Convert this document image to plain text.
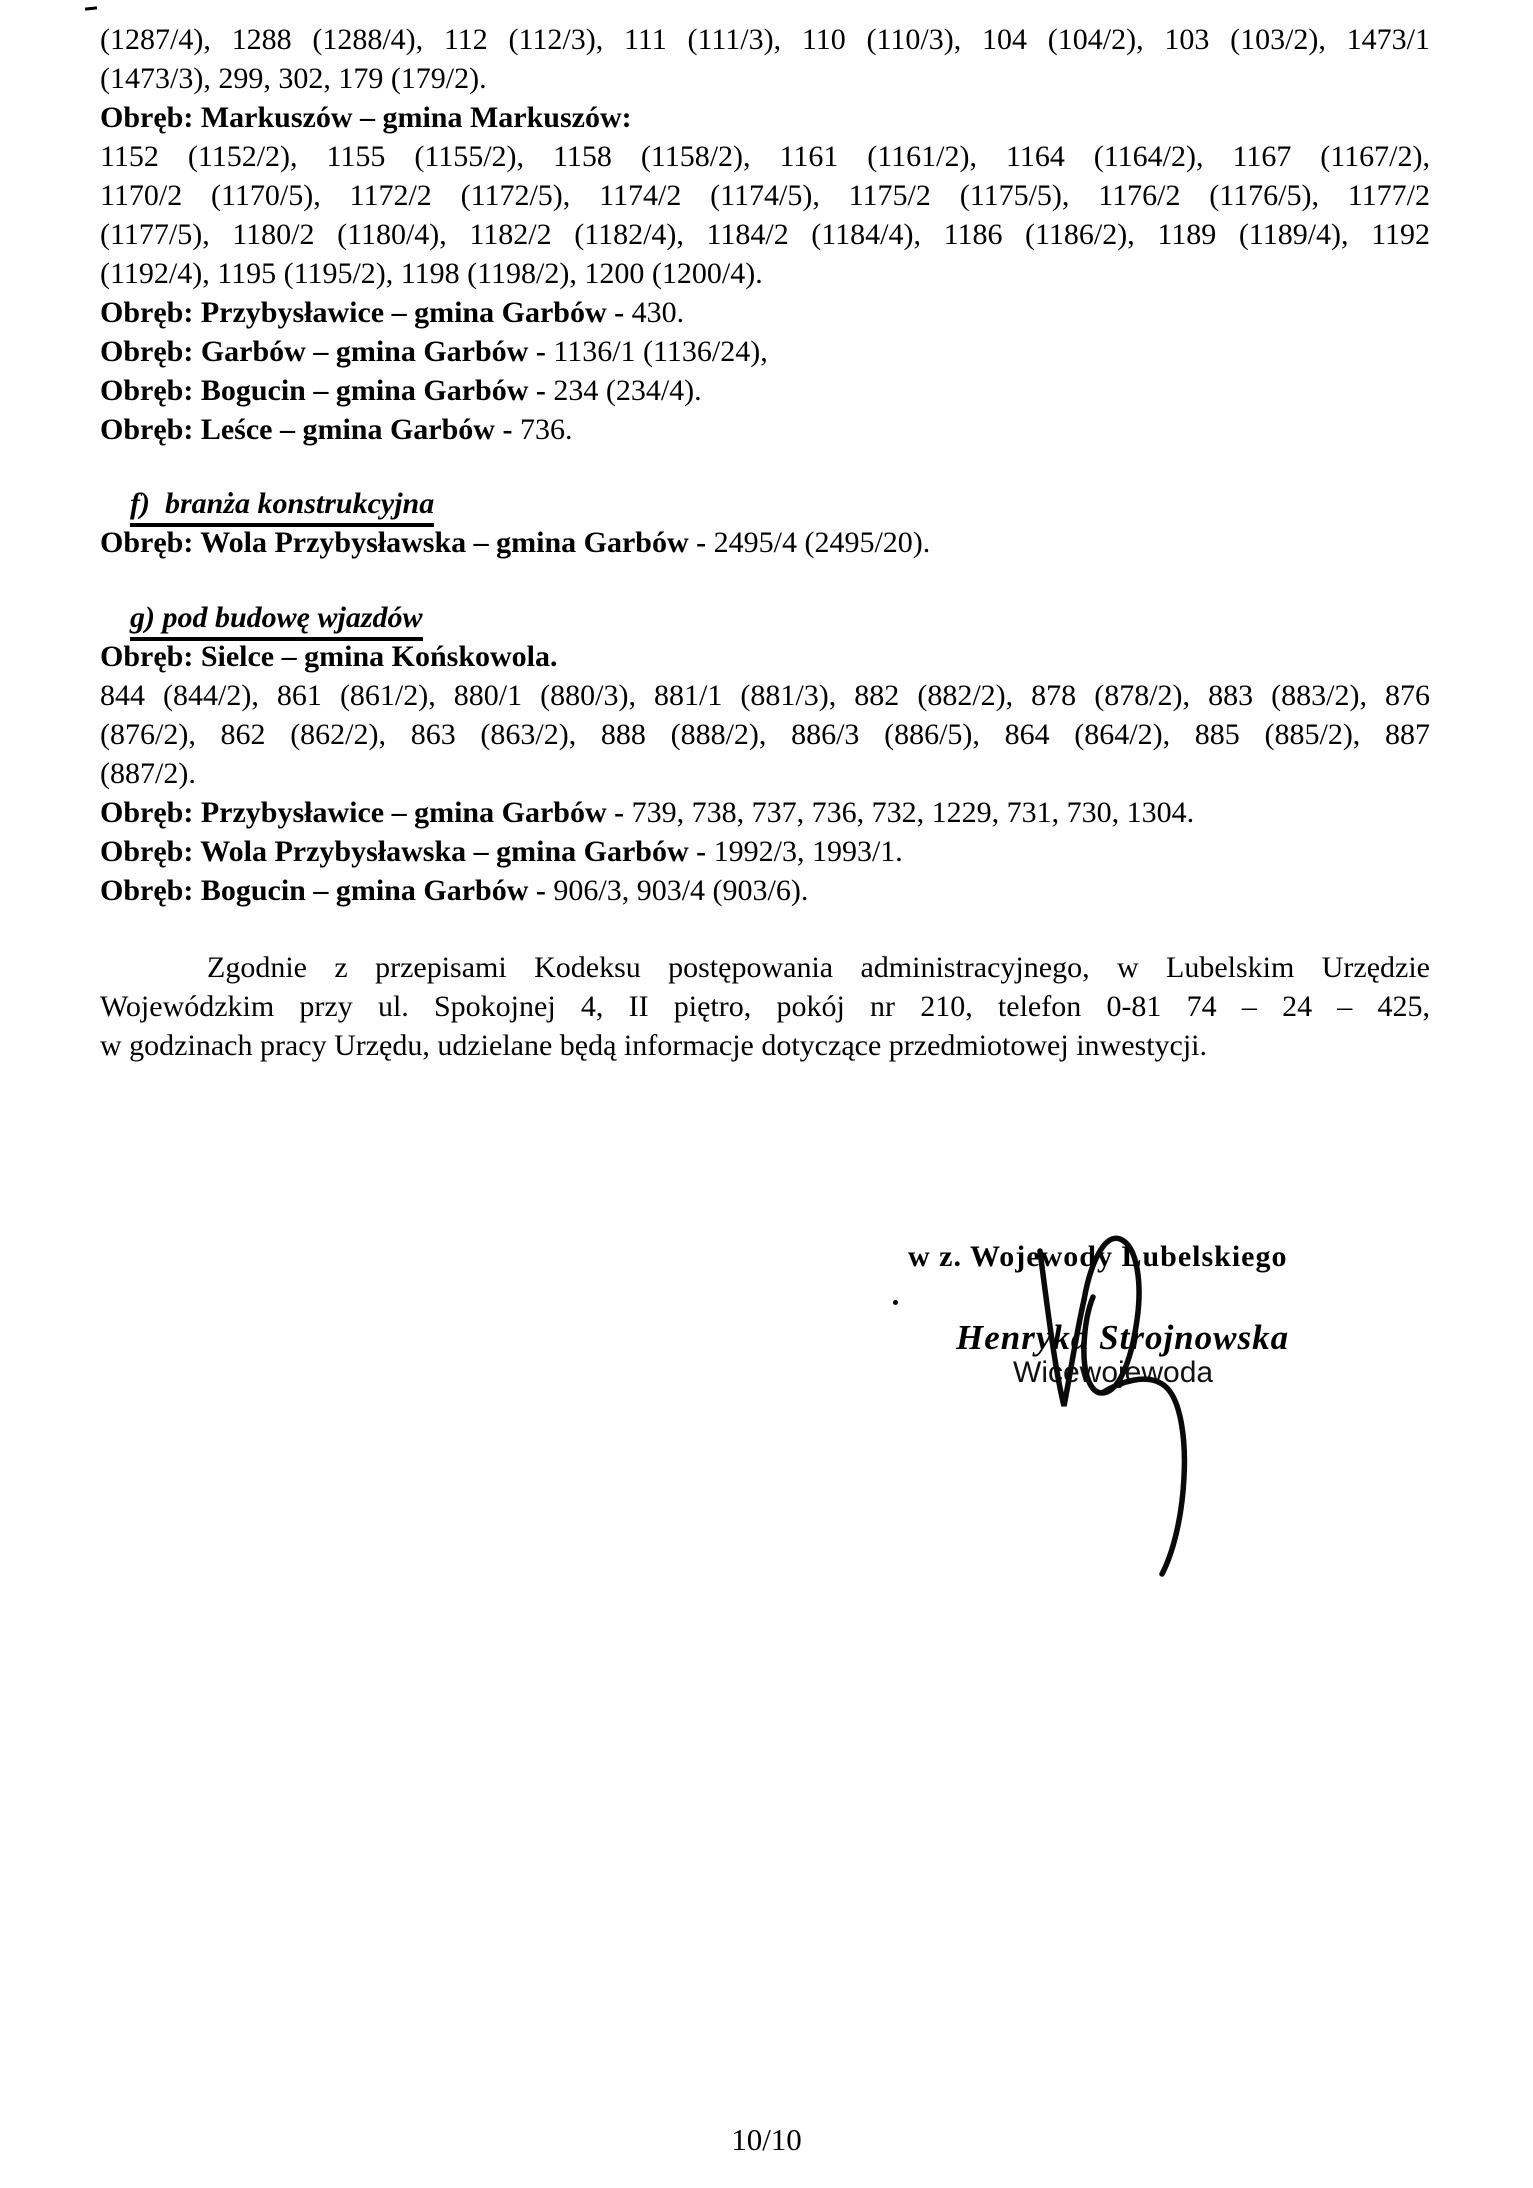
(1287/4), 1288 (1288/4), 112 (112/3), 111 (111/3), 110 (110/3), 104 (104/2), 103 (103/2), 1473/1
(1473/3), 299, 302, 179 (179/2).
Obręb: Markuszów – gmina Markuszów:
1152 (1152/2), 1155 (1155/2), 1158 (1158/2), 1161 (1161/2), 1164 (1164/2), 1167 (1167/2),
1170/2 (1170/5), 1172/2 (1172/5), 1174/2 (1174/5), 1175/2 (1175/5), 1176/2 (1176/5), 1177/2
(1177/5), 1180/2 (1180/4), 1182/2 (1182/4), 1184/2 (1184/4), 1186 (1186/2), 1189 (1189/4), 1192
(1192/4), 1195 (1195/2), 1198 (1198/2), 1200 (1200/4).
Obręb: Przybysławice – gmina Garbów - 430.
Obręb: Garbów – gmina Garbów - 1136/1 (1136/24),
Obręb: Bogucin – gmina Garbów - 234 (234/4).
Obręb: Leśce – gmina Garbów - 736.
f)  branża konstrukcyjna
Obręb: Wola Przybysławska – gmina Garbów - 2495/4 (2495/20).
g) pod budowę wjazdów
Obręb: Sielce – gmina Końskowola.
844 (844/2), 861 (861/2), 880/1 (880/3), 881/1 (881/3), 882 (882/2), 878 (878/2), 883 (883/2), 876
(876/2), 862 (862/2), 863 (863/2), 888 (888/2), 886/3 (886/5), 864 (864/2), 885 (885/2), 887
(887/2).
Obręb: Przybysławice – gmina Garbów - 739, 738, 737, 736, 732, 1229, 731, 730, 1304.
Obręb: Wola Przybysławska – gmina Garbów - 1992/3, 1993/1.
Obręb: Bogucin – gmina Garbów - 906/3, 903/4 (903/6).
Zgodnie z przepisami Kodeksu postępowania administracyjnego, w Lubelskim Urzędzie
Wojewódzkim przy ul. Spokojnej 4, II piętro, pokój nr 210, telefon 0-81 74 – 24 – 425,
w godzinach pracy Urzędu, udzielane będą informacje dotyczące przedmiotowej inwestycji.
w z. Wojewody Lubelskiego
Henryka Strojnowska
Wicewojewoda
10/10
